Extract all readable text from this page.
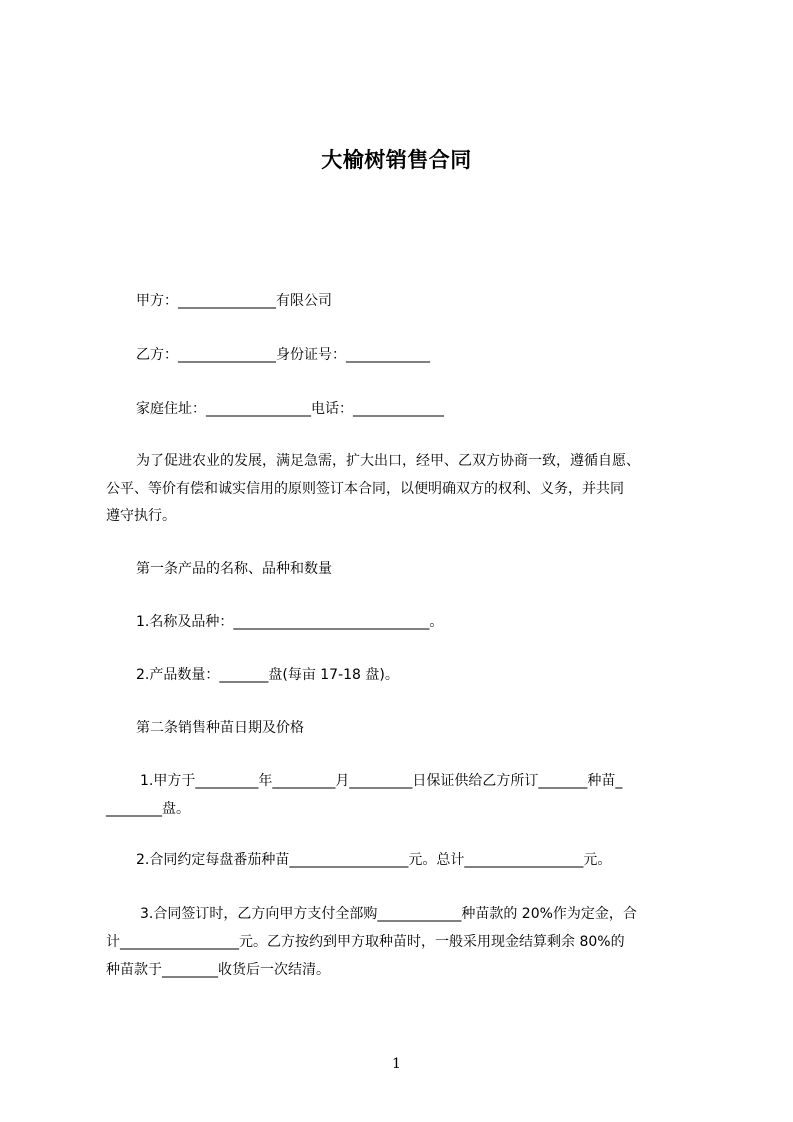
大榆树销售合同
甲方：______________有限公司
乙方：______________身份证号：____________
家庭住址：_______________电话：_____________
为了促进农业的发展，满足急需，扩大出口，经甲、乙双方协商一致，遵循自愿、
公平、等价有偿和诚实信用的原则签订本合同，以便明确双方的权利、义务，并共同
遵守执行。
第一条产品的名称、品种和数量
1.名称及品种：____________________________。
2.产品数量：_______盘(每亩 17-18 盘)。
第二条销售种苗日期及价格
1.甲方于_________年_________月_________日保证供给乙方所订_______种苗_
________盘。
2.合同约定每盘番茄种苗_________________元。总计_________________元。
3.合同签订时，乙方向甲方支付全部购____________种苗款的 20%作为定金，合
计_________________元。乙方按约到甲方取种苗时，一般采用现金结算剩余 80%的
种苗款于________收货后一次结清。
1
